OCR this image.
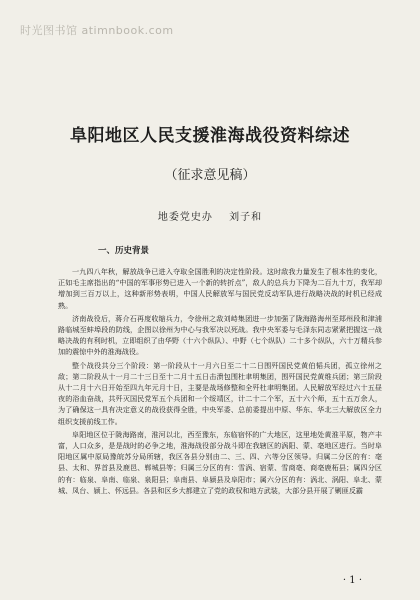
时光图书馆 atimnbook.com
阜阳地区人民支援淮海战役资料综述
（征求意见稿）
地委党史办 刘子和
一、历史背景

一九四八年秋，解放战争已进入夺取全国胜利的决定性阶段。这时敌我力量发生了根本性的变化，正如毛主席指出的“中国的军事形势已进入一个新的转折点”，敌人的总兵力下降为二百九十万，我军却增加到三百万以上，这种新形势表明，中国人民解放军与国民党反动军队进行战略决战的时机已经成熟。

济南战役后，蒋介石再度收缩兵力，令徐州之敌刘峙集团进一步加强了陇海路海州至郑州段和津浦路临城至蚌埠段的防线，企图以徐州为中心与我军决以死战。我中央军委与毛泽东同志紧紧把握这一战略决战的有利时机，立即组织了由华野（十六个纵队）、中野（七个纵队）二十多个纵队，六十万精兵参加的震惊中外的淮海战役。

整个战役共分三个阶段：第一阶段从十一月六日至二十二日围歼国民党黄伯韬兵团，孤立徐州之敌；第二阶段从十一月二十三日至十二月十五日击溃包围杜聿明集团，围歼国民党黄维兵团；第三阶段从十二月十六日开始至四九年元月十日，主要是战场修整和全歼杜聿明集团。人民解放军经过六十五昼夜的浴血奋战，共歼灭国民党军五个兵团和一个绥靖区，计二十二个军，五十六个师，五十五万余人，为了确保这一具有决定意义的战役获得全胜，中央军委、总前委提出中原、华东、华北三大解放区全力组织支援前线工作。

阜阳地区位于陇海路南，淮河以北，西至豫东，东临宿怀的广大地区，这里地处黄淮平原，物产丰富，人口众多，是是战时的必争之地，淮海战役部分战斗即在我辖区的涡阳、蒙、亳地区进行。当时阜阳地区属中原局豫皖苏分局所辖，我区各县分别由二、三、四、六等分区领导。归属二分区的有：亳县、太和、界首县及鹿邑、郸城县等；归属三分区的有：雪涡、宿蒙、雪商亳、商亳鹿柘县；属四分区的有：临泉、阜南、临泉、泉阳县；阜南县、阜颍县及阜阳市；属六分区的有：涡北、涡阳、阜北、蒙城、凤台、颍上、怀远县。各县和区乡大都建立了党的政权和地方武装，大部分县开展了剿匪反霸

· 1 ·
